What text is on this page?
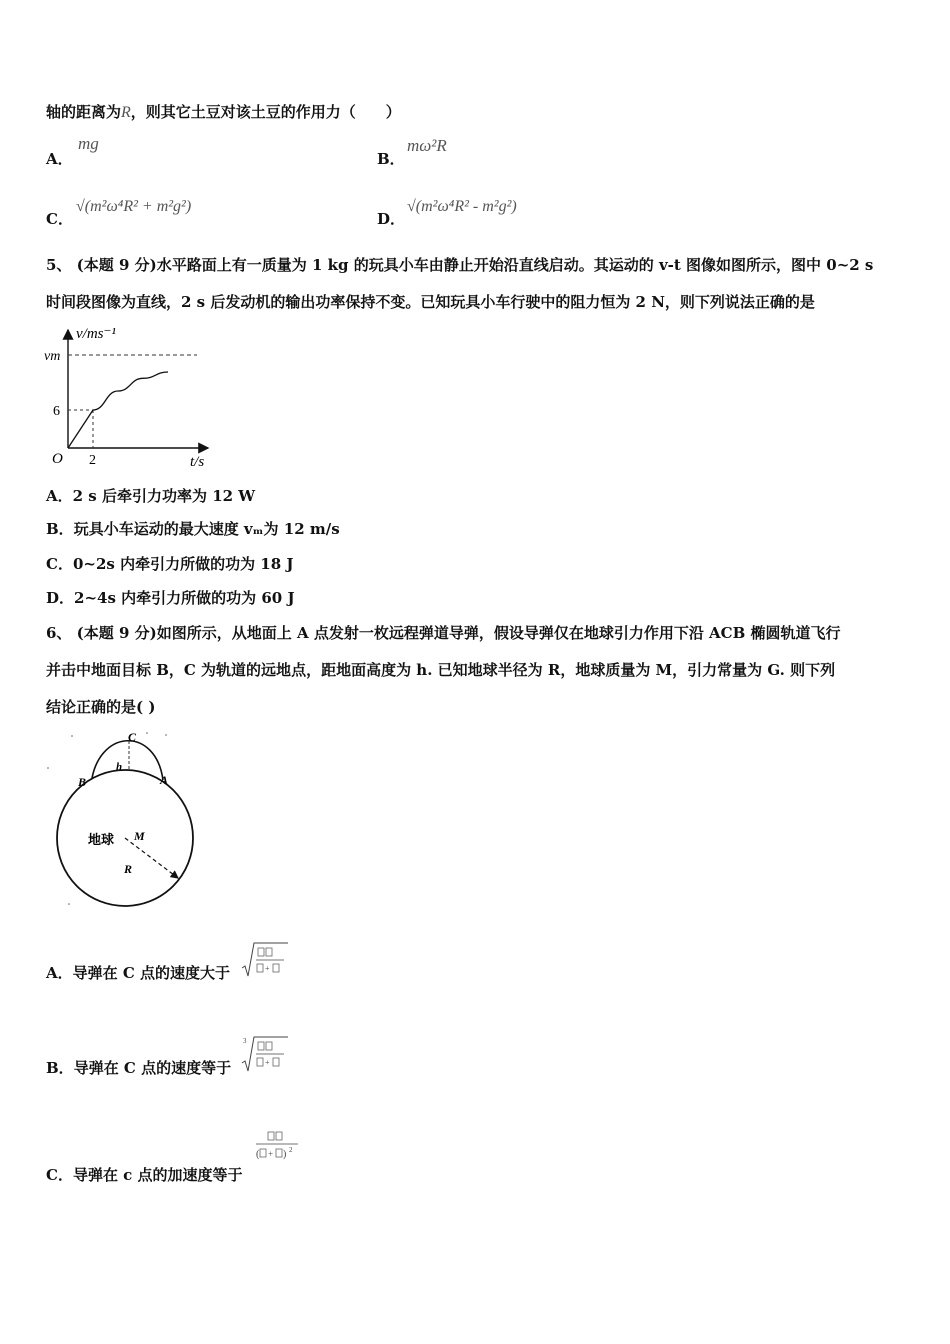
轴的距离为R，则其它土豆对该土豆的作用力（　　）
A．
mg
B．
mω²R
C．
√(m²ω⁴R² + m²g²)
D．
√(m²ω⁴R² - m²g²)
5、 (本题 9 分)水平路面上有一质量为 1 kg 的玩具小车由静止开始沿直线启动。其运动的 v-t 图像如图所示，图中 0~2 s
时间段图像为直线，2 s 后发动机的输出功率保持不变。已知玩具小车行驶中的阻力恒为 2 N，则下列说法正确的是
v/ms⁻¹
vm
6
O 2	t/s
A．2 s 后牵引力功率为 12 W
B．玩具小车运动的最大速度 vₘ为 12 m/s
C．0~2s 内牵引力所做的功为 18 J
D．2~4s 内牵引力所做的功为 60 J
6、 (本题 9 分)如图所示，从地面上 A 点发射一枚远程弹道导弹，假设导弹仅在地球引力作用下沿 ACB 椭圆轨道飞行
并击中地面目标 B，C 为轨道的远地点，距地面高度为 h. 已知地球半径为 R，地球质量为 M，引力常量为 G. 则下列
结论正确的是( )
C
h
B	A
地球 M
R
A．导弹在 C 点的速度大于	+
B．导弹在 C 点的速度等于
3
+
C．导弹在 c 点的加速度等于
( + ) 2
